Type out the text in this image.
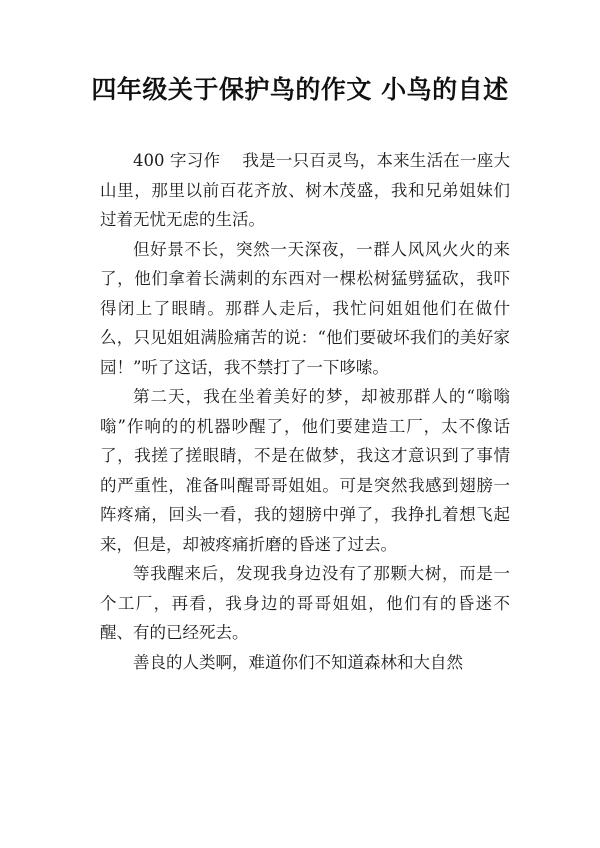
四年级关于保护鸟的作文 小鸟的自述

400 字习作　 我是一只百灵鸟，本来生活在一座大山里，那里以前百花齐放、树木茂盛，我和兄弟姐妹们过着无忧无虑的生活。

但好景不长，突然一天深夜，一群人风风火火的来了，他们拿着长满刺的东西对一棵松树猛劈猛砍，我吓得闭上了眼睛。那群人走后，我忙问姐姐他们在做什么，只见姐姐满脸痛苦的说：“他们要破坏我们的美好家园！”听了这话，我不禁打了一下哆嗦。

第二天，我在坐着美好的梦，却被那群人的“嗡嗡嗡”作响的的机器吵醒了，他们要建造工厂，太不像话了，我搓了搓眼睛，不是在做梦，我这才意识到了事情的严重性，准备叫醒哥哥姐姐。可是突然我感到翅膀一阵疼痛，回头一看，我的翅膀中弹了，我挣扎着想飞起来，但是，却被疼痛折磨的昏迷了过去。

等我醒来后，发现我身边没有了那颗大树，而是一个工厂，再看，我身边的哥哥姐姐，他们有的昏迷不醒、有的已经死去。

善良的人类啊，难道你们不知道森林和大自然
